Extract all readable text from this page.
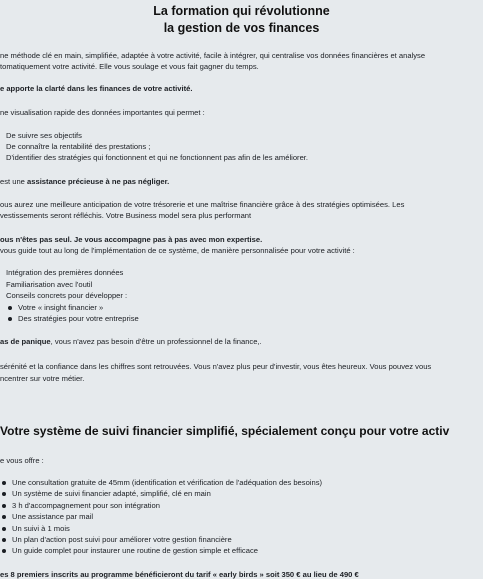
La formation qui révolutionne
la gestion de vos finances
ne méthode clé en main, simplifiée, adaptée à votre activité, facile à intégrer, qui centralise vos données financières et analyse
tomatiquement votre activité. Elle vous soulage et vous fait gagner du temps.
e apporte la clarté dans les finances de votre activité.
ne visualisation rapide des données importantes qui permet :
De suivre ses objectifs
De connaître la rentabilité des prestations ;
D'identifier des stratégies qui fonctionnent et qui ne fonctionnent pas afin de les améliorer.
est une assistance précieuse à ne pas négliger.
ous aurez une meilleure anticipation de votre trésorerie et une maîtrise financière grâce à des stratégies optimisées. Les
vestissements seront réfléchis. Votre Business model sera plus performant
ous n'êtes pas seul. Je vous accompagne pas à pas avec mon expertise.
vous guide tout au long de l'implémentation de ce système, de manière personnalisée pour votre activité :
Intégration des premières données
Familiarisation avec l'outil
Conseils concrets pour développer :
Votre « insight financier »
Des stratégies pour votre entreprise
as de panique, vous n'avez pas besoin d'être un professionnel de la finance,.
sérénité et la confiance dans les chiffres sont retrouvées. Vous n'avez plus peur d'investir, vous êtes heureux. Vous pouvez vous
ncentrer sur votre métier.
Votre système de suivi financier simplifié, spécialement conçu pour votre activ
e vous offre :
Une consultation gratuite de 45mm (identification et vérification de l'adéquation des besoins)
Un système de suivi financier adapté, simplifié, clé en main
3 h d'accompagnement pour son intégration
Une assistance par mail
Un suivi à 1 mois
Un plan d'action post suivi pour améliorer votre gestion financière
Un guide complet pour instaurer une routine de gestion simple et efficace
es 8 premiers inscrits au programme bénéficieront du tarif « early birds » soit 350 € au lieu de 490 €
